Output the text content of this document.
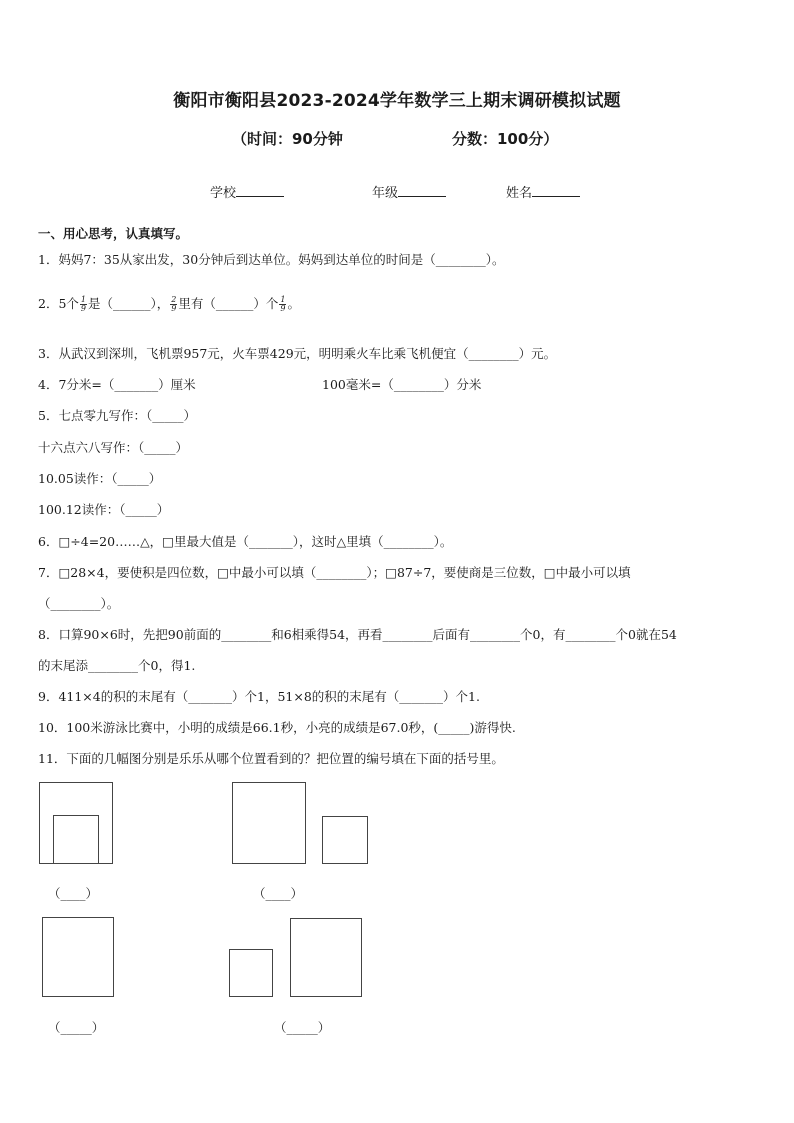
衡阳市衡阳县2023-2024学年数学三上期末调研模拟试题
（时间：90分钟	分数：100分）
学校	年级	姓名
一、用心思考，认真填写。
1．妈妈7：35从家出发，30分钟后到达单位。妈妈到达单位的时间是（________）。
2．5个 $\frac{1}{9}$ 是（______）， $\frac{2}{9}$ 里有（______）个 $\frac{1}{9}$ 。
3．从武汉到深圳，飞机票957元，火车票429元，明明乘火车比乘飞机便宜（________）元。
4．7分米=（_______）厘米	100毫米=（________）分米
5．七点零九写作：（_____）
十六点六八写作：（_____）
10.05读作：（_____）
100.12读作：（_____）
6．□÷4=20……△，□里最大值是（_______），这时△里填（________）。
7．□28×4，要使积是四位数，□中最小可以填（________）；□87÷7，要使商是三位数，□中最小可以填
（________）。
8．口算90×6时，先把90前面的________和6相乘得54，再看________后面有________个0，有________个0就在54
的末尾添________个0，得1.
9．411×4的积的末尾有（_______）个1，51×8的积的末尾有（_______）个1.
10．100米游泳比赛中，小明的成绩是66.1秒，小亮的成绩是67.0秒，(_____)游得快.
11．下面的几幅图分别是乐乐从哪个位置看到的？把位置的编号填在下面的括号里。
（____）	（____）
（_____）	（_____）
